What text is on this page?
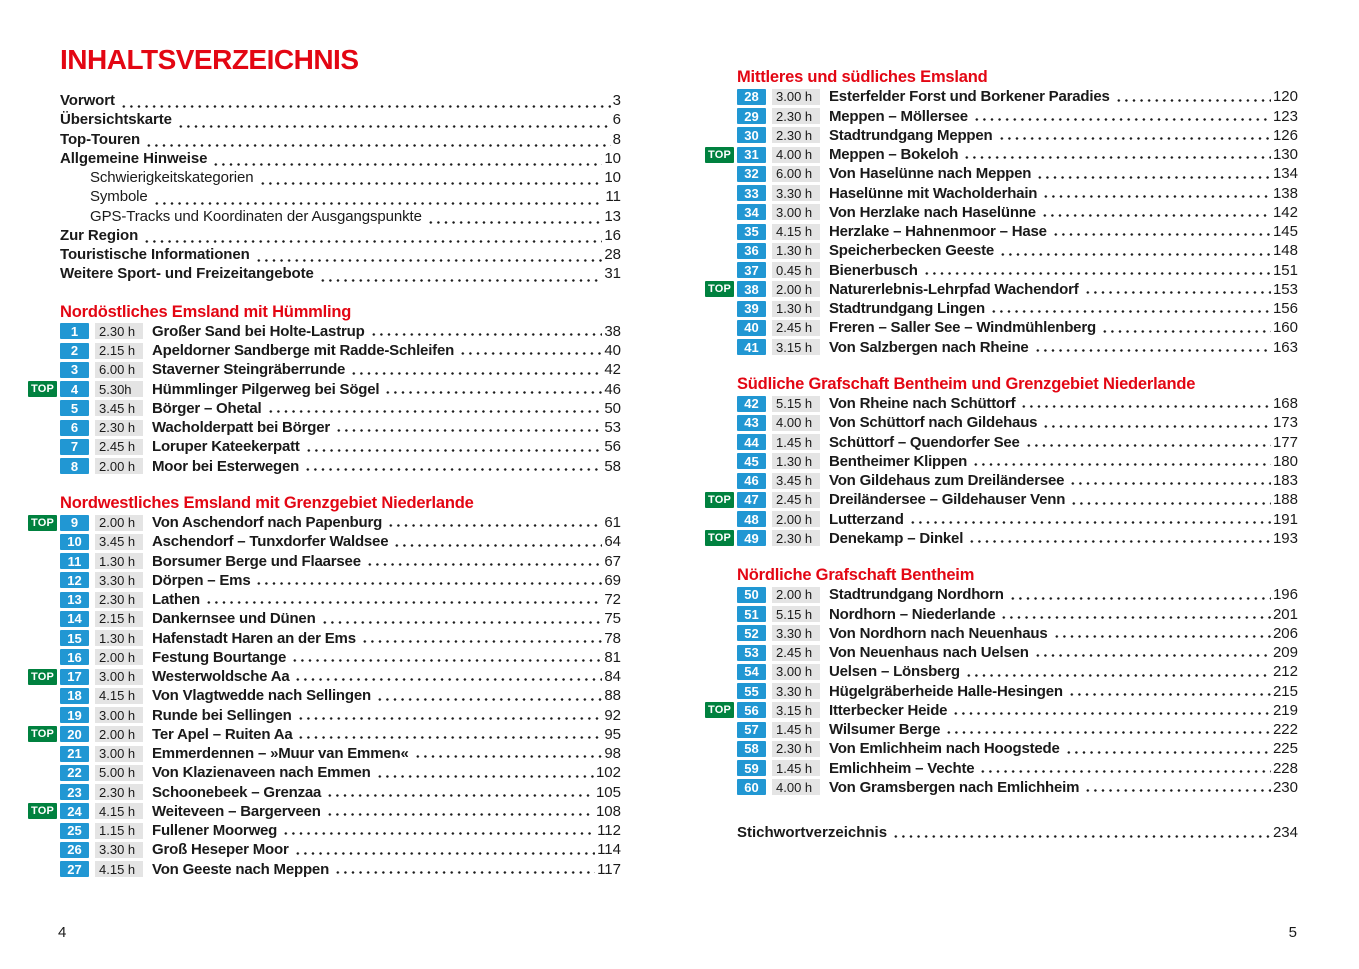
INHALTSVERZEICHNIS
Vorwort	3
Übersichtskarte	6
Top-Touren	8
Allgemeine Hinweise	10
Schwierigkeitskategorien	10
Symbole	11
GPS-Tracks und Koordinaten der Ausgangspunkte	13
Zur Region	16
Touristische Informationen	28
Weitere Sport- und Freizeitangebote	31
Nordöstliches Emsland mit Hümmling
1	2.30 h	Großer Sand bei Holte-Lastrup	38
2	2.15 h	Apeldorner Sandberge mit Radde-Schleifen	40
3	6.00 h	Staverner Steingräberrunde	42
TOP	4	5.30h	Hümmlinger Pilgerweg bei Sögel	46
5	3.45 h	Börger – Ohetal	50
6	2.30 h	Wacholderpatt bei Börger	53
7	2.45 h	Loruper Kateekerpatt	56
8	2.00 h	Moor bei Esterwegen	58
Nordwestliches Emsland mit Grenzgebiet Niederlande
TOP	9	2.00 h	Von Aschendorf nach Papenburg	61
10	3.45 h	Aschendorf – Tunxdorfer Waldsee	64
11	1.30 h	Borsumer Berge und Flaarsee	67
12	3.30 h	Dörpen – Ems	69
13	2.30 h	Lathen	72
14	2.15 h	Dankernsee und Dünen	75
15	1.30 h	Hafenstadt Haren an der Ems	78
16	2.00 h	Festung Bourtange	81
TOP	17	3.00 h	Westerwoldsche Aa	84
18	4.15 h	Von Vlagtwedde nach Sellingen	88
19	3.00 h	Runde bei Sellingen	92
TOP	20	2.00 h	Ter Apel – Ruiten Aa	95
21	3.00 h	Emmerdennen – »Muur van Emmen«	98
22	5.00 h	Von Klazienaveen nach Emmen	102
23	2.30 h	Schoonebeek – Grenzaa	105
TOP	24	4.15 h	Weiteveen – Bargerveen	108
25	1.15 h	Fullener Moorweg	112
26	3.30 h	Groß Heseper Moor	114
27	4.15 h	Von Geeste nach Meppen	117
Mittleres und südliches Emsland
28	3.00 h	Esterfelder Forst und Borkener Paradies	120
29	2.30 h	Meppen – Möllersee	123
30	2.30 h	Stadtrundgang Meppen	126
TOP	31	4.00 h	Meppen – Bokeloh	130
32	6.00 h	Von Haselünne nach Meppen	134
33	3.30 h	Haselünne mit Wacholderhain	138
34	3.00 h	Von Herzlake nach Haselünne	142
35	4.15 h	Herzlake – Hahnenmoor – Hase	145
36	1.30 h	Speicherbecken Geeste	148
37	0.45 h	Bienerbusch	151
TOP	38	2.00 h	Naturerlebnis-Lehrpfad Wachendorf	153
39	1.30 h	Stadtrundgang Lingen	156
40	2.45 h	Freren – Saller See – Windmühlenberg	160
41	3.15 h	Von Salzbergen nach Rheine	163
Südliche Grafschaft Bentheim und Grenzgebiet Niederlande
42	5.15 h	Von Rheine nach Schüttorf	168
43	4.00 h	Von Schüttorf nach Gildehaus	173
44	1.45 h	Schüttorf – Quendorfer See	177
45	1.30 h	Bentheimer Klippen	180
46	3.45 h	Von Gildehaus zum Dreiländersee	183
TOP	47	2.45 h	Dreiländersee – Gildehauser Venn	188
48	2.00 h	Lutterzand	191
TOP	49	2.30 h	Denekamp – Dinkel	193
Nördliche Grafschaft Bentheim
50	2.00 h	Stadtrundgang Nordhorn	196
51	5.15 h	Nordhorn – Niederlande	201
52	3.30 h	Von Nordhorn nach Neuenhaus	206
53	2.45 h	Von Neuenhaus nach Uelsen	209
54	3.00 h	Uelsen – Lönsberg	212
55	3.30 h	Hügelgräberheide Halle-Hesingen	215
TOP	56	3.15 h	Itterbecker Heide	219
57	1.45 h	Wilsumer Berge	222
58	2.30 h	Von Emlichheim nach Hoogstede	225
59	1.45 h	Emlichheim – Vechte	228
60	4.00 h	Von Gramsbergen nach Emlichheim	230
Stichwortverzeichnis	234
4	5
